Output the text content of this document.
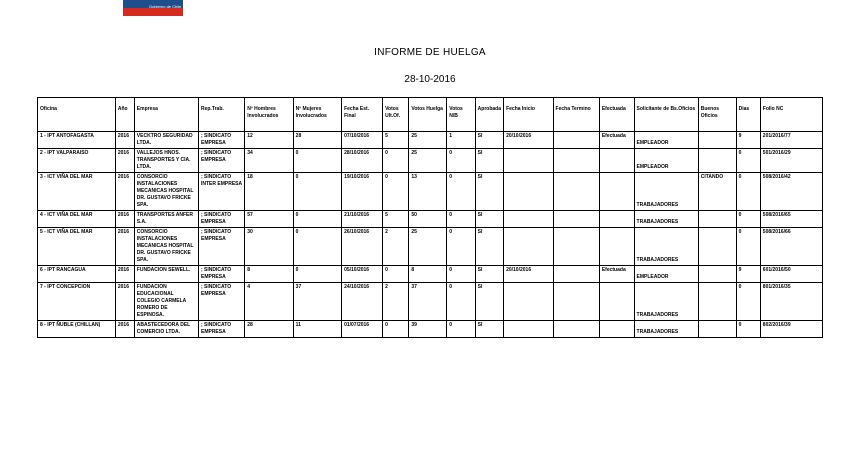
Gobierno de Chile
INFORME DE HUELGA
28-10-2016
Oficina	Año	Empresa	Rep.Trab.	Nº Hombres Involucrados	Nº Mujeres Involucrados	Fecha Est. Final	Votos Ult.Of.	Votos Huelga	Votos N/B	Aprobada	Fecha Inicio	Fecha Termino	Efectuada	Solicitante de Bs.Oficios	Buenos Oficios	Dias	Folio NC
1 - IPT ANTOFAGASTA	2016	VECKTRO SEGURIDAD LTDA.	; SINDICATO EMPRESA	12	28	07/10/2016	5	25	1	SI	20/10/2016		Efectuada	EMPLEADOR		9	201/2016/77
2 - IPT VALPARAISO	2016	VALLEJOS HNOS. TRANSPORTES Y CIA. LTDA.	; SINDICATO EMPRESA	34	0	28/10/2016	0	25	0	SI				EMPLEADOR		0	501/2016/29
3 - ICT VIÑA DEL MAR	2016	CONSORCIO INSTALACIONES MECANICAS HOSPITAL DR. GUSTAVO FRICKE SPA.	; SINDICATO INTER EMPRESA	18	0	19/10/2016	0	13	0	SI				TRABAJADORES	CITANDO	0	508/2016/42
4 - ICT VIÑA DEL MAR	2016	TRANSPORTES ANFER S.A.	; SINDICATO EMPRESA	57	0	21/10/2016	5	50	0	SI				TRABAJADORES		0	508/2016/65
5 - ICT VIÑA DEL MAR	2016	CONSORCIO INSTALACIONES MECANICAS HOSPITAL DR. GUSTAVO FRICKE SPA.	; SINDICATO EMPRESA	30	0	26/10/2016	2	25	0	SI				TRABAJADORES		0	508/2016/66
6 - IPT RANCAGUA	2016	FUNDACION SEWELL.	; SINDICATO EMPRESA	8	0	05/10/2016	0	8	0	SI	20/10/2016		Efectuada	EMPLEADOR		9	601/2016/50
7 - IPT CONCEPCION	2016	FUNDACION EDUCACIONAL COLEGIO CARMELA ROMERO DE ESPINOSA.	; SINDICATO EMPRESA	4	37	24/10/2016	2	37	0	SI				TRABAJADORES		0	801/2016/35
8 - IPT ÑUBLE (CHILLAN)	2016	ABASTECEDORA DEL COMERCIO LTDA.	; SINDICATO EMPRESA	28	11	01/07/2016	0	39	0	SI				TRABAJADORES		0	802/2016/39
